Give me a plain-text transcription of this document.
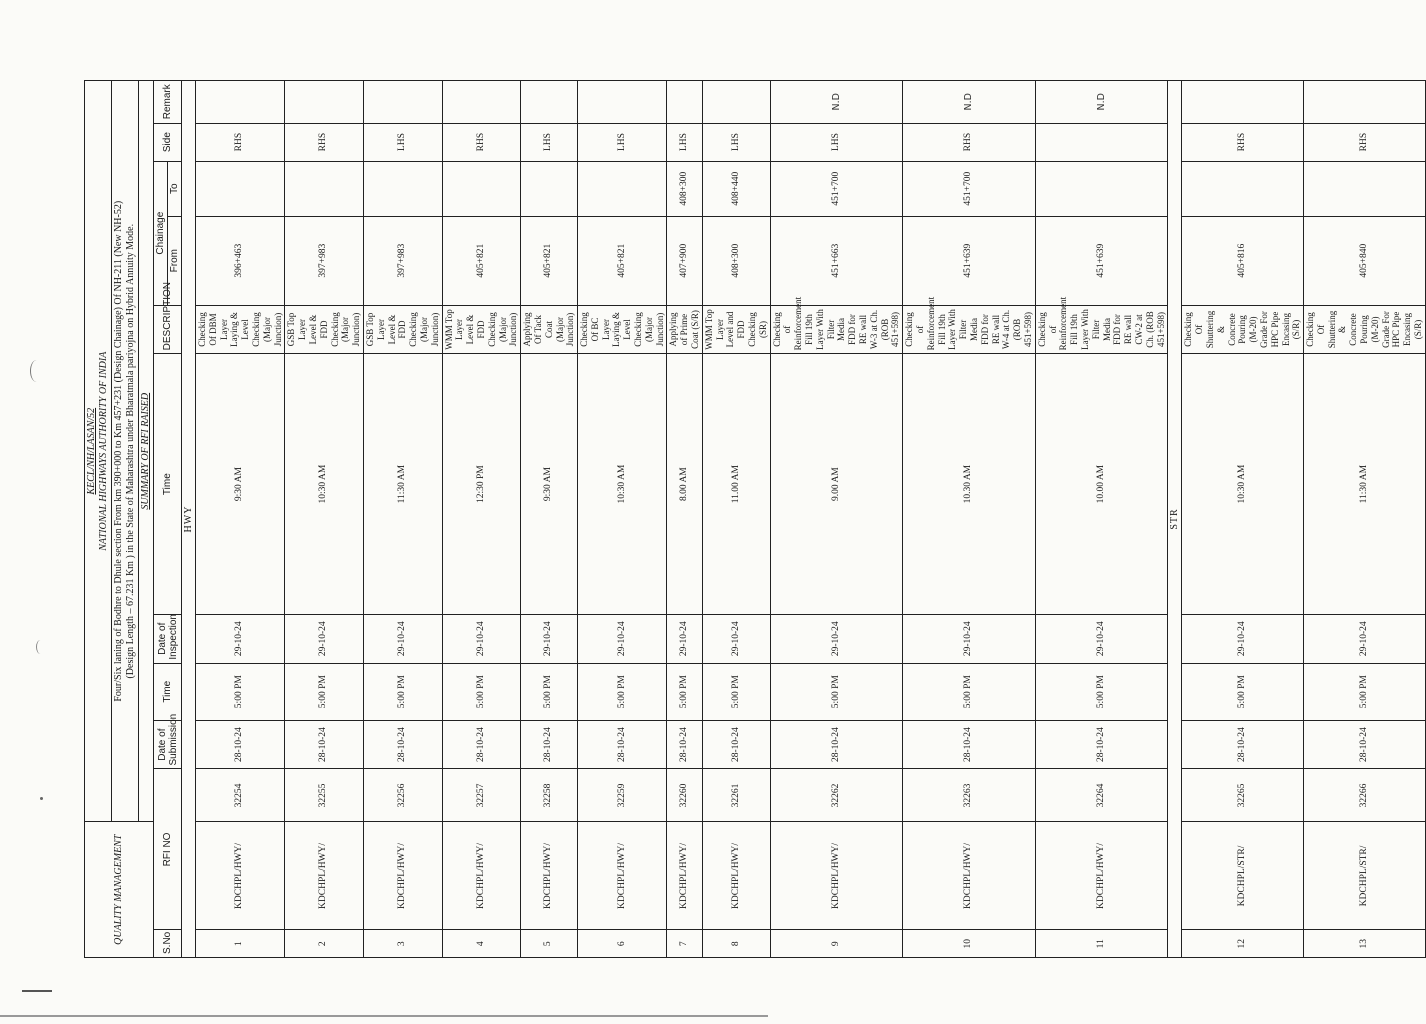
QUALITY MANAGEMENT		KECL/NH/LASAN/52 NATIONAL HIGHWAYS AUTHORITY OF INDIA									

		Four/Six laning of Bodhre to Dhule section From km 390+000 to Km 457+231 (Design Chainage) Of NH-211 (New NH-52) (Design Length – 67.231 Km ) in the State of Maharashtra under Bharatmala pariyojna on Hybrid Annuity Mode.									

		SUMMARY OF RFI RAISED									
S.No	RFI NO		Date of Submission	Time	Date of Inspection	Time	DESCRIPTION	Chainage		Side	Remark
								From	To		
HWY											
1	KDCHPL/HWY/	32254	28-10-24	5:00 PM	29-10-24	9:30 AM	Checking Of DBM Layer Laying & Level Checking (Major Junction)	396+463		RHS	
2	KDCHPL/HWY/	32255	28-10-24	5:00 PM	29-10-24	10:30 AM	GSB Top Layer Level & FDD Checking (Major Junction)	397+983		RHS	
3	KDCHPL/HWY/	32256	28-10-24	5:00 PM	29-10-24	11:30 AM	GSB Top Layer Level & FDD Checking (Major Junction)	397+983		LHS	
4	KDCHPL/HWY/	32257	28-10-24	5:00 PM	29-10-24	12:30 PM	WMM Top Layer Level & FDD Checking (Major Junction)	405+821		RHS	
5	KDCHPL/HWY/	32258	28-10-24	5:00 PM	29-10-24	9:30 AM	Applying Of Tack Coat (Major Junction)	405+821		LHS	
6	KDCHPL/HWY/	32259	28-10-24	5:00 PM	29-10-24	10:30 AM	Checking Of BC Layer Laying & Level Checking (Major Junction)	405+821		LHS	
7	KDCHPL/HWY/	32260	28-10-24	5:00 PM	29-10-24	8.00 AM	Applying of Prime Coat (S/R)	407+900	408+300	LHS	
8	KDCHPL/HWY/	32261	28-10-24	5:00 PM	29-10-24	11.00 AM	WMM Top Layer Level and FDD Checking (SR)	408+300	408+440	LHS	
9	KDCHPL/HWY/	32262	28-10-24	5:00 PM	29-10-24	9.00 AM	Checking of Reinforcement Fill 19th Layer With Filter Media FDD for RE wall W-3 at Ch. (ROB 451+598)	451+663	451+700	LHS	N.D
10	KDCHPL/HWY/	32263	28-10-24	5:00 PM	29-10-24	10.30 AM	Checking of Reinforcement Fill 19th Layer With Filter Media FDD for RE wall W-4 at Ch. (ROB 451+598)	451+639	451+700	RHS	N.D
11	KDCHPL/HWY/	32264	28-10-24	5:00 PM	29-10-24	10.00 AM	Checking of Reinforcement Fill 19th Layer With Filter Media FDD for RE wall CW-2 at Ch. (ROB 451+598)	451+639			N.D
STR											
12	KDCHPL/STR/	32265	28-10-24	5:00 PM	29-10-24	10:30 AM	Checking Of Shuttering & Concrete Pouring (M-20) Grade For HPC Pipe Encasing (S/R)	405+816		RHS	
13	KDCHPL/STR/	32266	28-10-24	5:00 PM	29-10-24	11:30 AM	Checking Of Shuttering & Concrete Pouring (M-20) Grade For HPC Pipe Encasing (S/R)	405+840		RHS	
